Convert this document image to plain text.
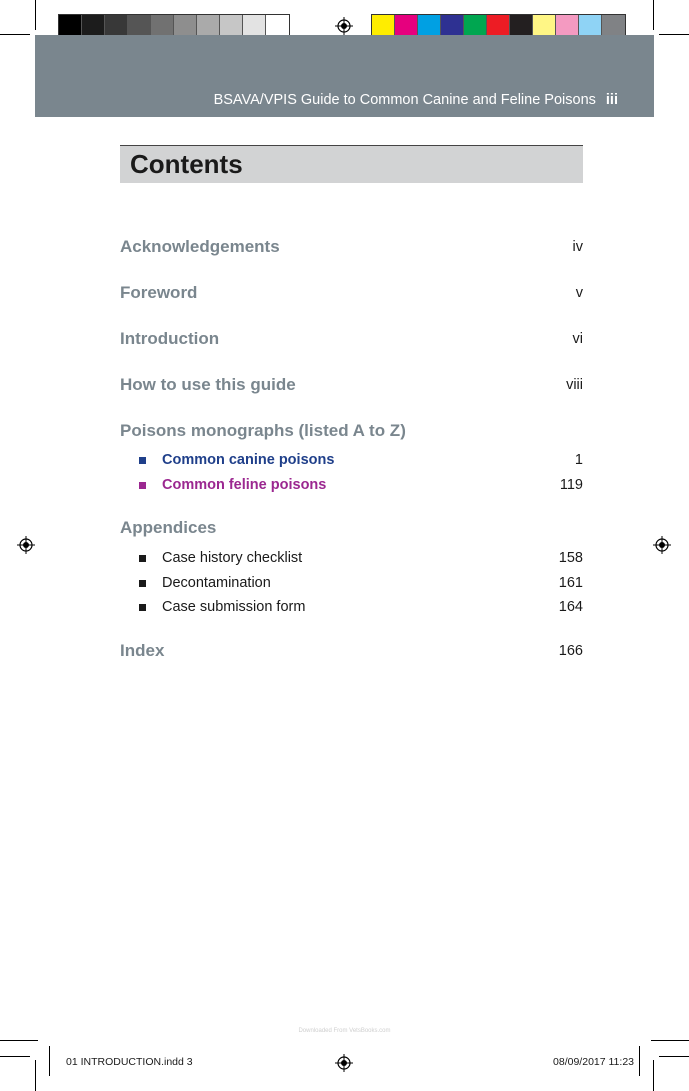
BSAVA/VPIS Guide to Common Canine and Feline Poisons iii
Contents
Acknowledgements	iv
Foreword	v
Introduction	vi
How to use this guide	viii
Poisons monographs (listed A to Z)
Common canine poisons	1
Common feline poisons	119
Appendices
Case history checklist	158
Decontamination	161
Case submission form	164
Index	166
Downloaded From VetsBooks.com
01 INTRODUCTION.indd 3	08/09/2017 11:23
